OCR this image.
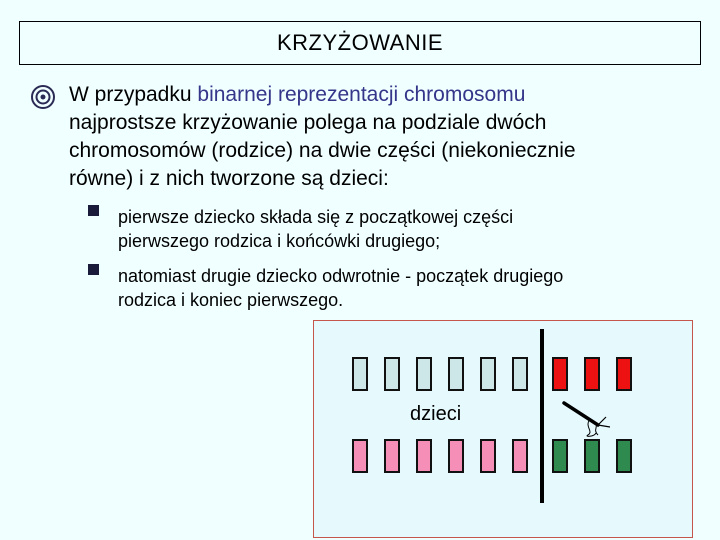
KRZYŻOWANIE
W przypadku binarnej reprezentacji chromosomu
najprostsze krzyżowanie polega na podziale dwóch
chromosomów (rodzice) na dwie części (niekoniecznie
równe) i z nich tworzone są dzieci:
pierwsze dziecko składa się z początkowej części
pierwszego rodzica i końcówki drugiego;
natomiast drugie dziecko odwrotnie - początek drugiego
rodzica i koniec pierwszego.
dzieci
